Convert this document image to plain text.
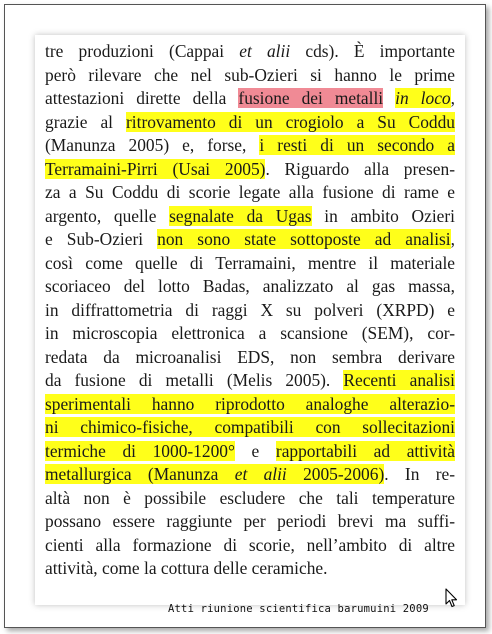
tre produzioni (Cappai et alii cds). È importante
però rilevare che nel sub-Ozieri si hanno le prime
attestazioni dirette della fusione dei metalli in loco,
grazie al ritrovamento di un crogiolo a Su Coddu
(Manunza 2005) e, forse, i resti di un secondo a
Terramaini-Pirri (Usai 2005). Riguardo alla presen-
za a Su Coddu di scorie legate alla fusione di rame e
argento, quelle segnalate da Ugas in ambito Ozieri
e Sub-Ozieri non sono state sottoposte ad analisi,
così come quelle di Terramaini, mentre il materiale
scoriaceo del lotto Badas, analizzato al gas massa,
in diffrattometria di raggi X su polveri (XRPD) e
in microscopia elettronica a scansione (SEM), cor-
redata da microanalisi EDS, non sembra derivare
da fusione di metalli (Melis 2005). Recenti analisi
sperimentali hanno riprodotto analoghe alterazio-
ni chimico-fisiche, compatibili con sollecitazioni
termiche di 1000-1200° e rapportabili ad attività
metallurgica (Manunza et alii 2005-2006). In re-
altà non è possibile escludere che tali temperature
possano essere raggiunte per periodi brevi ma suffi-
cienti alla formazione di scorie, nell’ambito di altre
attività, come la cottura delle ceramiche.
Atti riunione scientifica barumuini 2009
